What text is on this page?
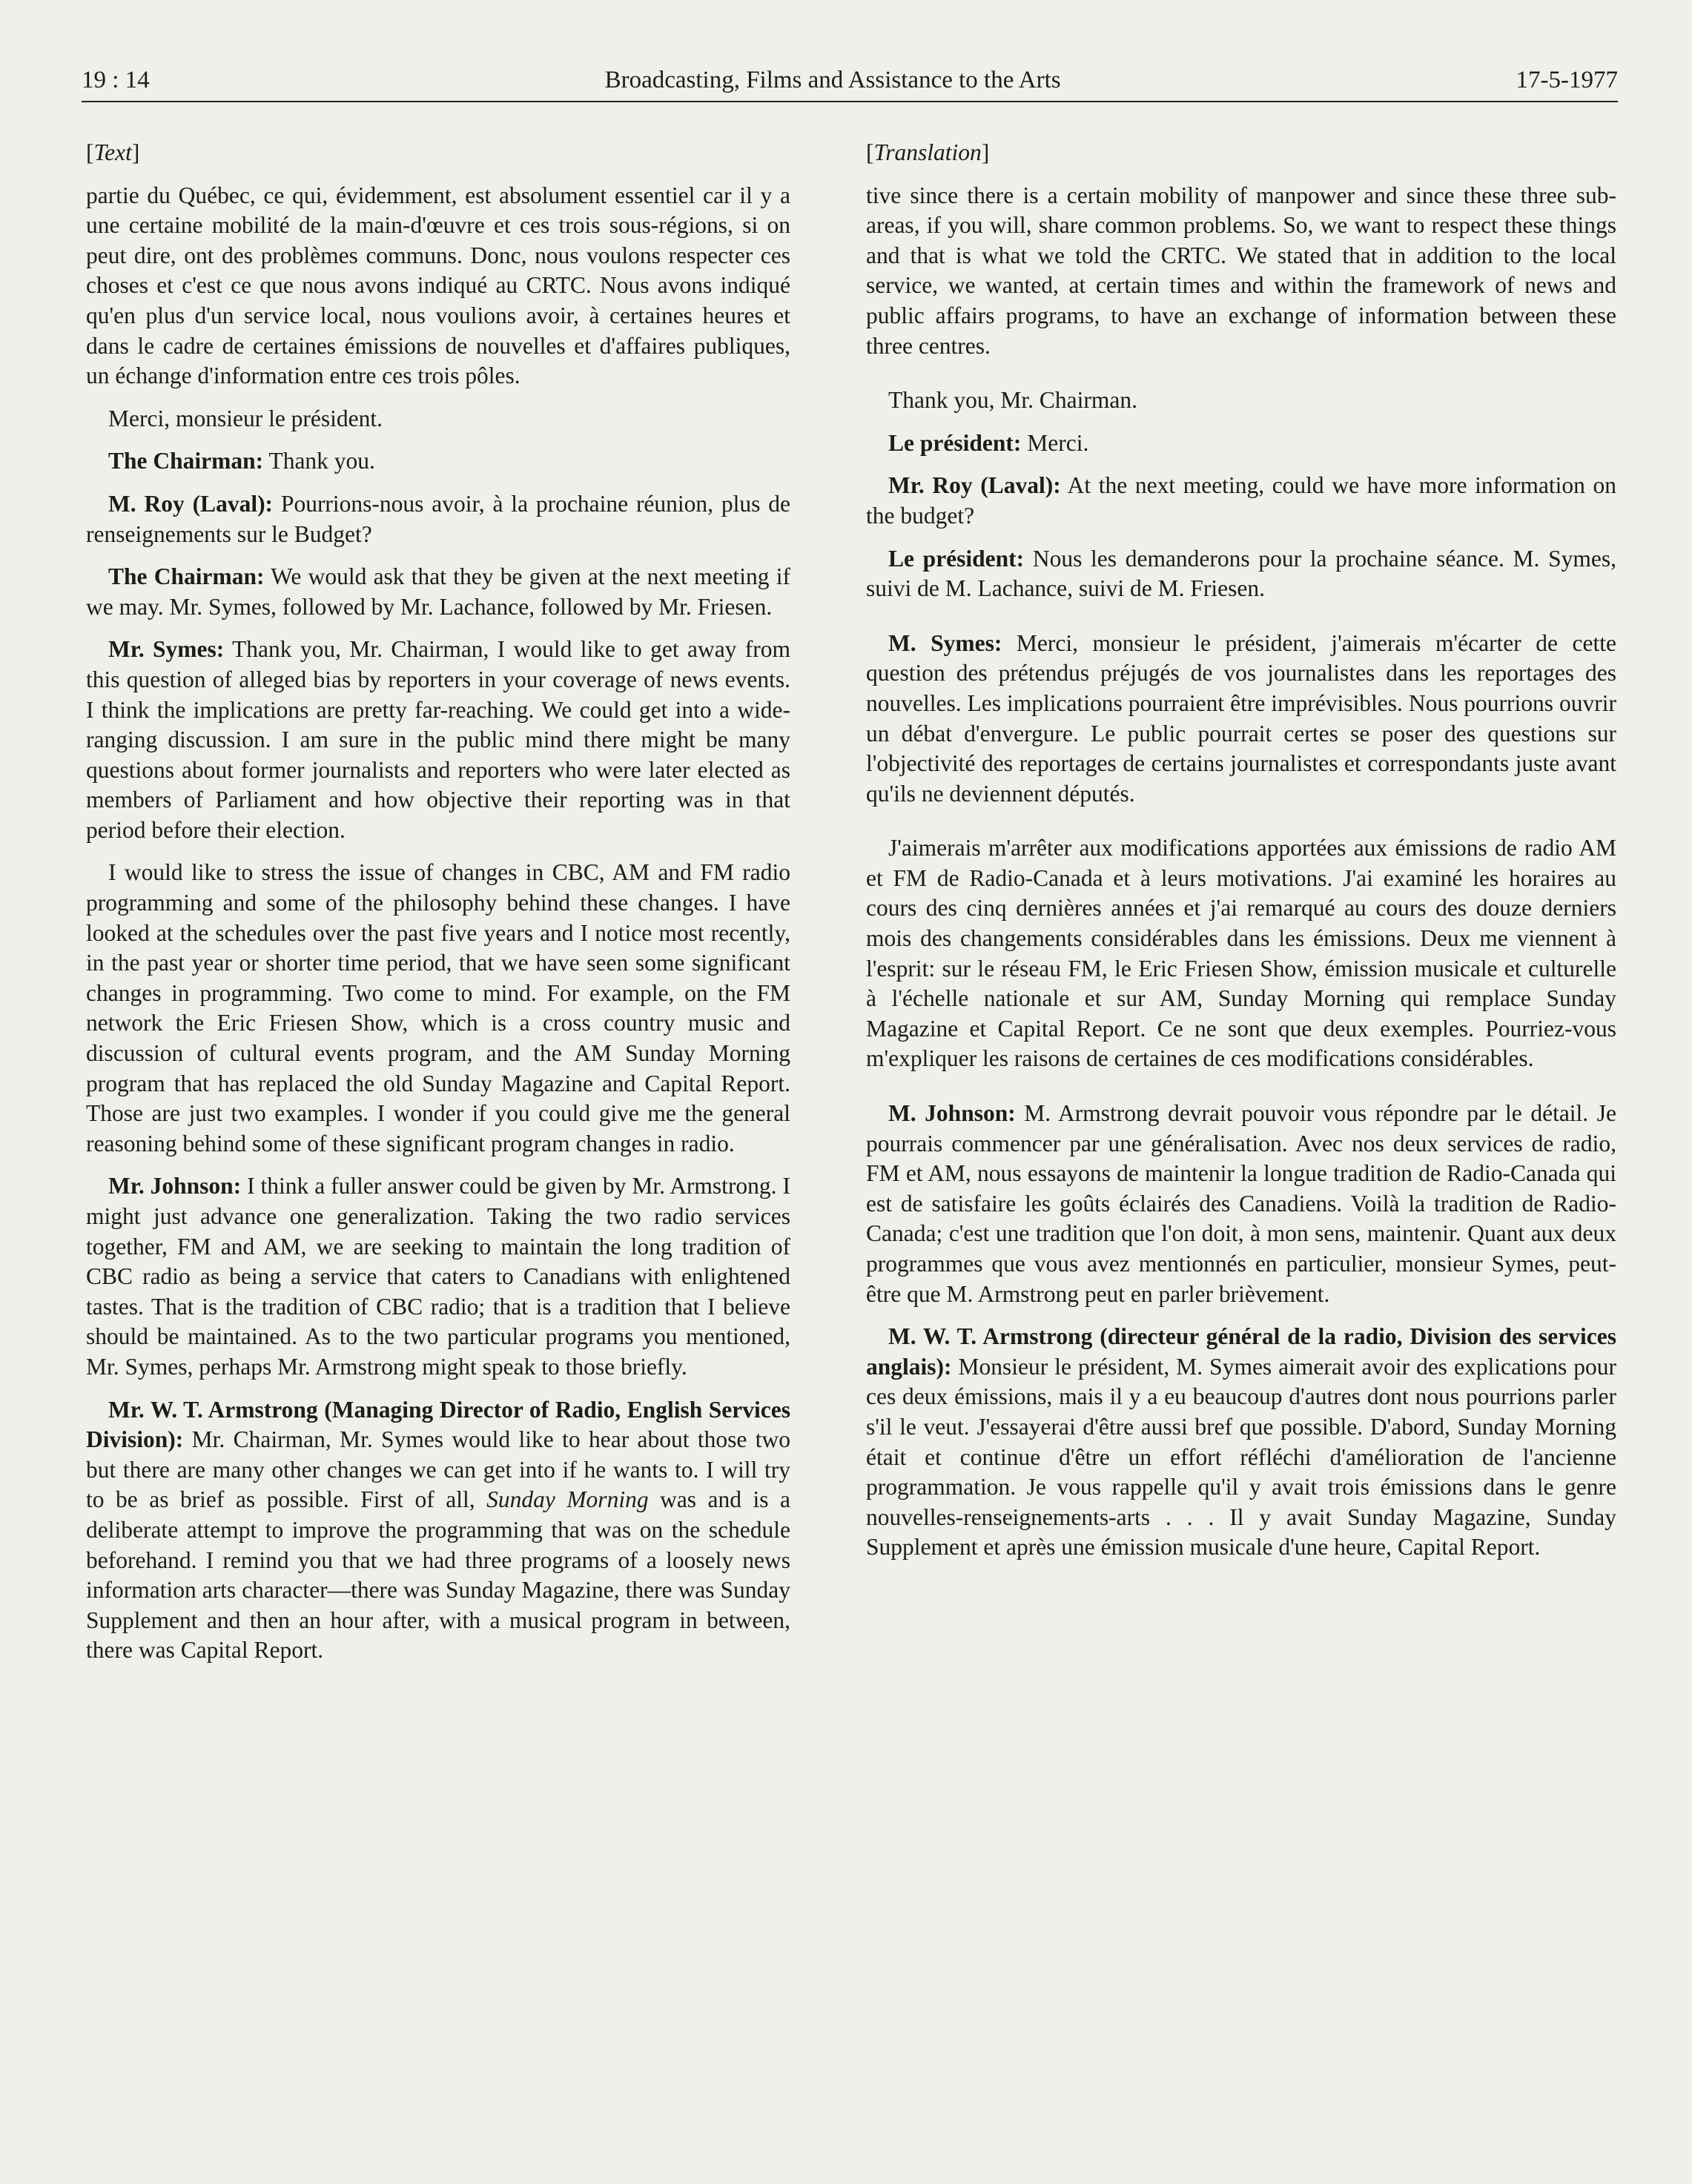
19 : 14	Broadcasting, Films and Assistance to the Arts	17-5-1977

[Text]

partie du Québec, ce qui, évidemment, est absolument essentiel car il y a une certaine mobilité de la main-d'œuvre et ces trois sous-régions, si on peut dire, ont des problèmes communs. Donc, nous voulons respecter ces choses et c'est ce que nous avons indiqué au CRTC. Nous avons indiqué qu'en plus d'un service local, nous voulions avoir, à certaines heures et dans le cadre de certaines émissions de nouvelles et d'affaires publiques, un échange d'information entre ces trois pôles.

Merci, monsieur le président.

The Chairman: Thank you.

M. Roy (Laval): Pourrions-nous avoir, à la prochaine réunion, plus de renseignements sur le Budget?

The Chairman: We would ask that they be given at the next meeting if we may. Mr. Symes, followed by Mr. Lachance, followed by Mr. Friesen.

Mr. Symes: Thank you, Mr. Chairman, I would like to get away from this question of alleged bias by reporters in your coverage of news events. I think the implications are pretty far-reaching. We could get into a wide-ranging discussion. I am sure in the public mind there might be many questions about former journalists and reporters who were later elected as members of Parliament and how objective their reporting was in that period before their election.

I would like to stress the issue of changes in CBC, AM and FM radio programming and some of the philosophy behind these changes. I have looked at the schedules over the past five years and I notice most recently, in the past year or shorter time period, that we have seen some significant changes in programming. Two come to mind. For example, on the FM network the Eric Friesen Show, which is a cross country music and discussion of cultural events program, and the AM Sunday Morning program that has replaced the old Sunday Magazine and Capital Report. Those are just two examples. I wonder if you could give me the general reasoning behind some of these significant program changes in radio.

Mr. Johnson: I think a fuller answer could be given by Mr. Armstrong. I might just advance one generalization. Taking the two radio services together, FM and AM, we are seeking to maintain the long tradition of CBC radio as being a service that caters to Canadians with enlightened tastes. That is the tradition of CBC radio; that is a tradition that I believe should be maintained. As to the two particular programs you mentioned, Mr. Symes, perhaps Mr. Armstrong might speak to those briefly.

Mr. W. T. Armstrong (Managing Director of Radio, English Services Division): Mr. Chairman, Mr. Symes would like to hear about those two but there are many other changes we can get into if he wants to. I will try to be as brief as possible. First of all, Sunday Morning was and is a deliberate attempt to improve the programming that was on the schedule beforehand. I remind you that we had three programs of a loosely news information arts character—there was Sunday Magazine, there was Sunday Supplement and then an hour after, with a musical program in between, there was Capital Report.

[Translation]

tive since there is a certain mobility of manpower and since these three sub-areas, if you will, share common problems. So, we want to respect these things and that is what we told the CRTC. We stated that in addition to the local service, we wanted, at certain times and within the framework of news and public affairs programs, to have an exchange of information between these three centres.

Thank you, Mr. Chairman.

Le président: Merci.

Mr. Roy (Laval): At the next meeting, could we have more information on the budget?

Le président: Nous les demanderons pour la prochaine séance. M. Symes, suivi de M. Lachance, suivi de M. Friesen.

M. Symes: Merci, monsieur le président, j'aimerais m'écarter de cette question des prétendus préjugés de vos journalistes dans les reportages des nouvelles. Les implications pourraient être imprévisibles. Nous pourrions ouvrir un débat d'envergure. Le public pourrait certes se poser des questions sur l'objectivité des reportages de certains journalistes et correspondants juste avant qu'ils ne deviennent députés.

J'aimerais m'arrêter aux modifications apportées aux émissions de radio AM et FM de Radio-Canada et à leurs motivations. J'ai examiné les horaires au cours des cinq dernières années et j'ai remarqué au cours des douze derniers mois des changements considérables dans les émissions. Deux me viennent à l'esprit: sur le réseau FM, le Eric Friesen Show, émission musicale et culturelle à l'échelle nationale et sur AM, Sunday Morning qui remplace Sunday Magazine et Capital Report. Ce ne sont que deux exemples. Pourriez-vous m'expliquer les raisons de certaines de ces modifications considérables.

M. Johnson: M. Armstrong devrait pouvoir vous répondre par le détail. Je pourrais commencer par une généralisation. Avec nos deux services de radio, FM et AM, nous essayons de maintenir la longue tradition de Radio-Canada qui est de satisfaire les goûts éclairés des Canadiens. Voilà la tradition de Radio-Canada; c'est une tradition que l'on doit, à mon sens, maintenir. Quant aux deux programmes que vous avez mentionnés en particulier, monsieur Symes, peut-être que M. Armstrong peut en parler brièvement.

M. W. T. Armstrong (directeur général de la radio, Division des services anglais): Monsieur le président, M. Symes aimerait avoir des explications pour ces deux émissions, mais il y a eu beaucoup d'autres dont nous pourrions parler s'il le veut. J'essayerai d'être aussi bref que possible. D'abord, Sunday Morning était et continue d'être un effort réfléchi d'amélioration de l'ancienne programmation. Je vous rappelle qu'il y avait trois émissions dans le genre nouvelles-renseignements-arts . . . Il y avait Sunday Magazine, Sunday Supplement et après une émission musicale d'une heure, Capital Report.
